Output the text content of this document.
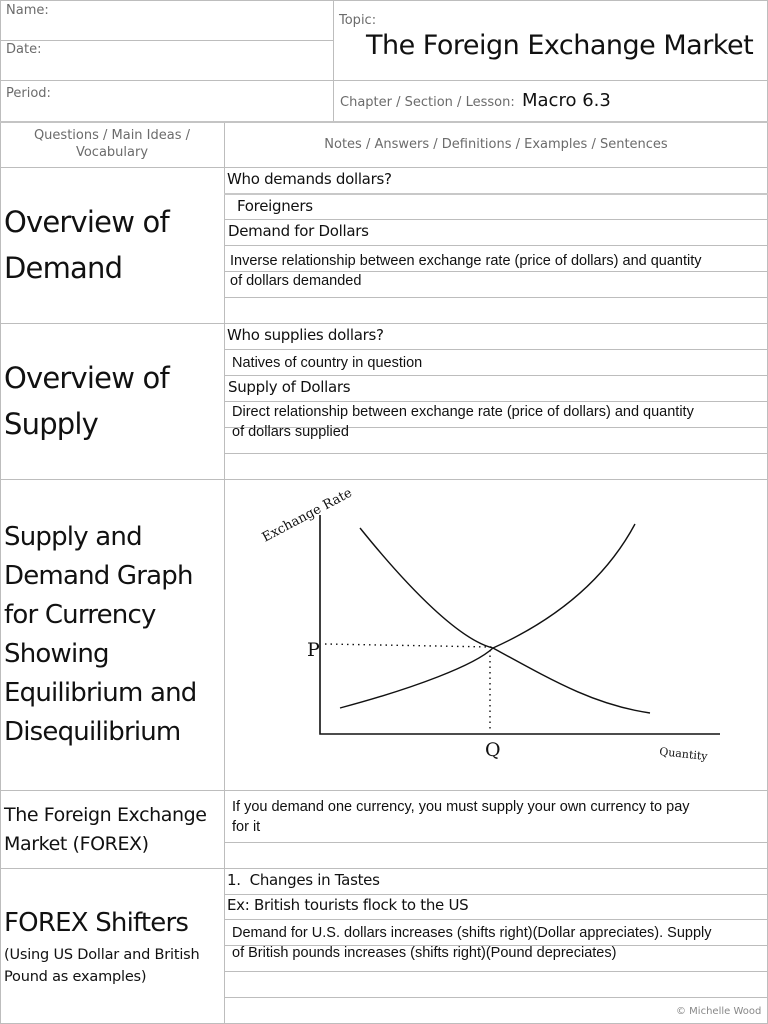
Name:
Date:
Period:
Topic:
The Foreign Exchange Market
Chapter / Section / Lesson: Macro 6.3
Questions / Main Ideas / Vocabulary
Notes / Answers / Definitions / Examples / Sentences
Overview of Demand
Who demands dollars?
Foreigners
Demand for Dollars
Inverse relationship between exchange rate (price of dollars) and quantity
of dollars demanded
Overview of Supply
Who supplies dollars?
Natives of country in question
Supply of Dollars
Direct relationship between exchange rate (price of dollars) and quantity
of dollars supplied
Supply and Demand Graph for Currency Showing Equilibrium and Disequilibrium
Exchange Rate
P
Q	Quantity
The Foreign Exchange Market (FOREX)
If you demand one currency, you must supply your own currency to pay
for it
FOREX Shifters
(Using US Dollar and British Pound as examples)
1.  Changes in Tastes
Ex: British tourists flock to the US
Demand for U.S. dollars increases (shifts right)(Dollar appreciates). Supply
of British pounds increases (shifts right)(Pound depreciates)
© Michelle Wood
